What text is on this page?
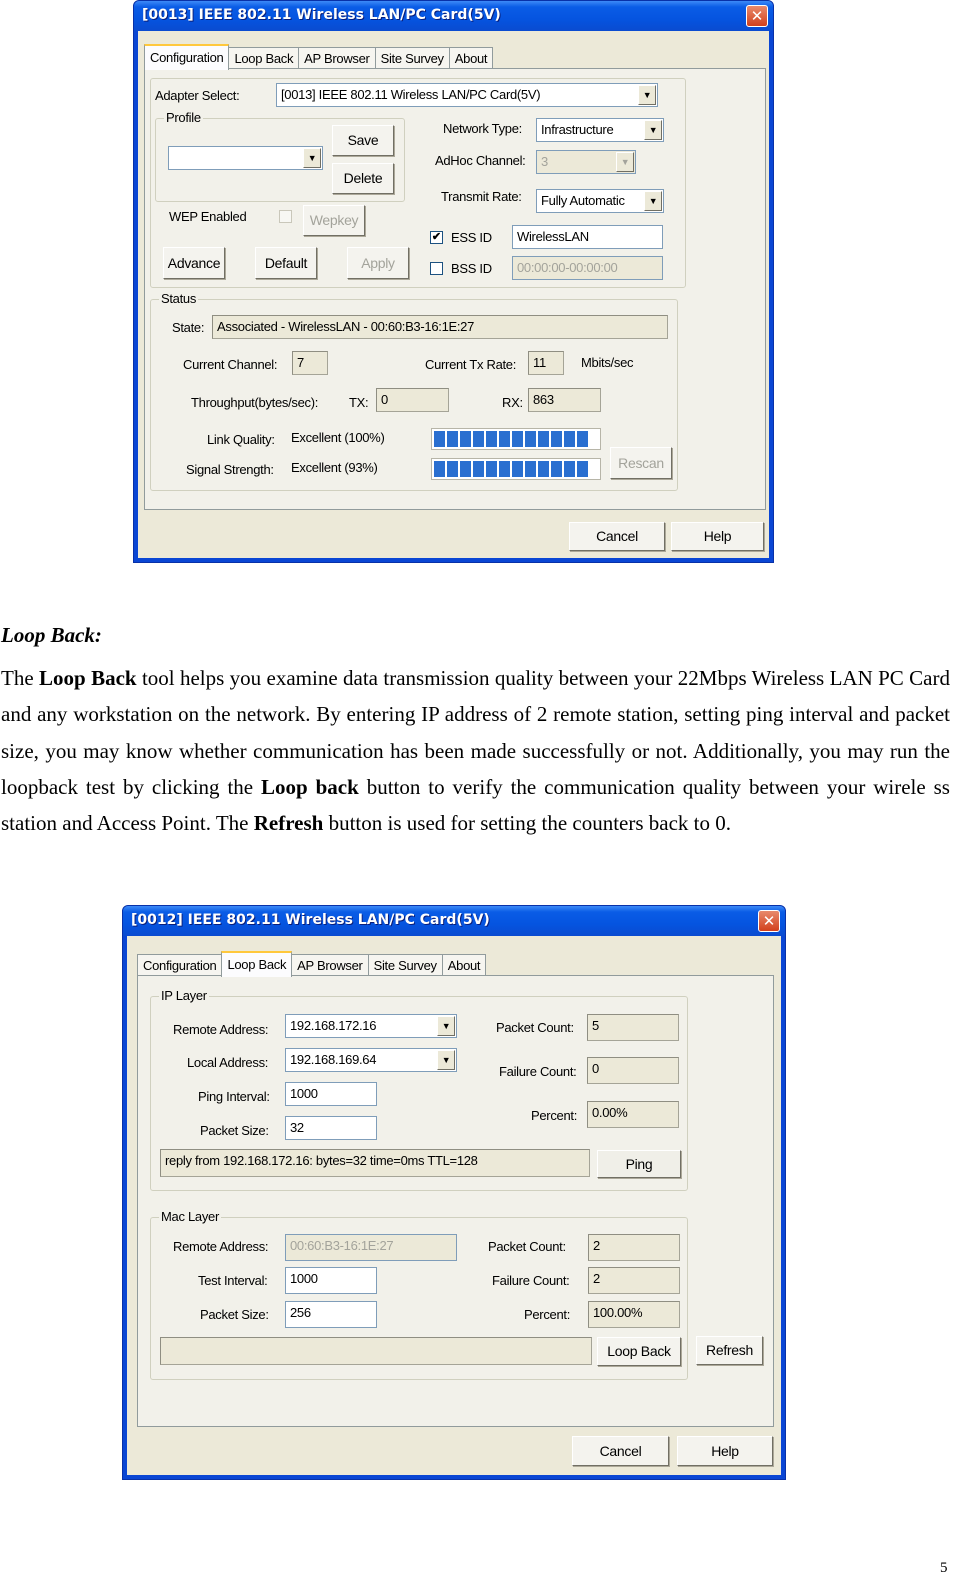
[0013] IEEE 802.11 Wireless LAN/PC Card(5V)	✕
Configuration Loop Back AP Browser Site Survey About
Adapter Select:	[0013] IEEE 802.11 Wireless LAN/PC Card(5V)	▼
Profile
▼
Save
Delete
WEP Enabled	Wepkey
Advance	Default	Apply
Network Type:	Infrastructure	▼
AdHoc Channel:	3	▼
Transmit Rate:	Fully Automatic	▼
✔ ESS ID	WirelessLAN
BSS ID	00:00:00-00:00:00
Status
State: Associated - WirelessLAN - 00:60:B3-16:1E:27
Current Channel:	7	Current Tx Rate:	11	Mbits/sec
Throughput(bytes/sec): TX: 0	RX: 863
Link Quality: Excellent (100%)
Signal Strength: Excellent (93%)	Rescan
Cancel	Help
Loop Back:

The Loop Back tool helps you examine data transmission quality between your 22Mbps Wireless LAN PC Card and any workstation on the network. By entering IP address of 2 remote station, setting ping interval and packet size, you may know whether communication has been made successfully or not. Additionally, you may run the loopback test by clicking the Loop back button to verify the communication quality between your wirele ss station and Access Point. The Refresh button is used for setting the counters back to 0.

[0012] IEEE 802.11 Wireless LAN/PC Card(5V)	✕
Configuration Loop Back AP Browser Site Survey About
IP Layer
Remote Address:	192.168.172.16	▼
Local Address:	192.168.169.64	▼
Ping Interval:	1000
Packet Size:	32
Packet Count:	5
Failure Count:	0
Percent:	0.00%
reply from 192.168.172.16: bytes=32 time=0ms TTL=128	Ping
Mac Layer
Remote Address:	00:60:B3-16:1E:27
Test Interval:	1000
Packet Size:	256
Packet Count:	2
Failure Count:	2
Percent:	100.00%
Loop Back	Refresh
Cancel	Help
5
